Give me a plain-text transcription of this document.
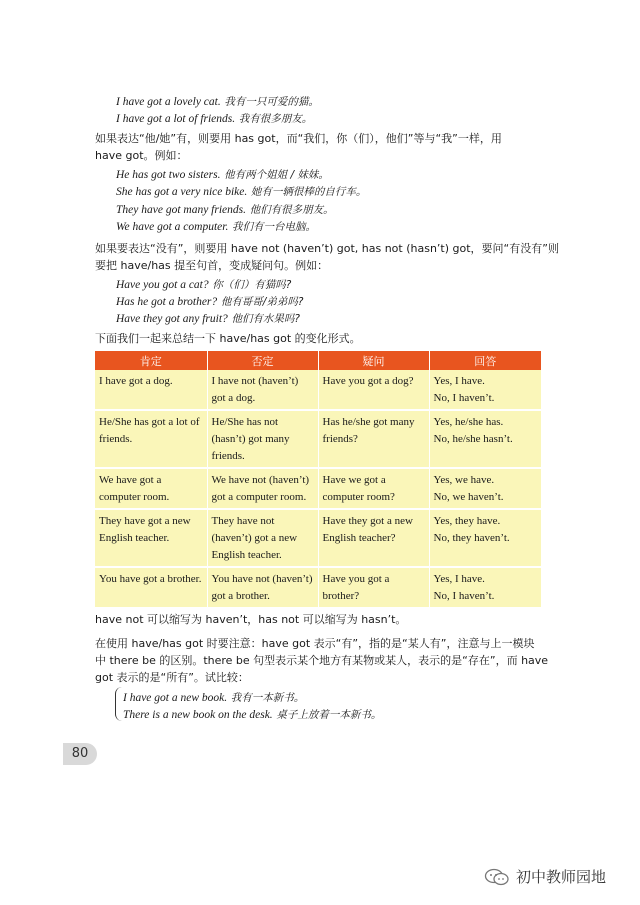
I have got a lovely cat. 我有一只可爱的猫。
I have got a lot of friends. 我有很多朋友。
如果表达“他/她”有，则要用 has got，而“我们，你（们），他们”等与“我”一样，用
have got。例如：
He has got two sisters. 他有两个姐姐 / 妹妹。
She has got a very nice bike. 她有一辆很棒的自行车。
They have got many friends. 他们有很多朋友。
We have got a computer. 我们有一台电脑。
如果要表达“没有”，则要用 have not (haven’t) got, has not (hasn’t) got，要问“有没有”则
要把 have/has 提至句首，变成疑问句。例如：
Have you got a cat? 你（们）有猫吗?
Has he got a brother? 他有哥哥/弟弟吗?
Have they got any fruit? 他们有水果吗?
下面我们一起来总结一下 have/has got 的变化形式。
肯定	否定	疑问	回答
I have got a dog.	I have not (haven’t) got a dog.	Have you got a dog?	Yes, I have.
No, I haven’t.
He/She has got a lot of friends.	He/She has not (hasn’t) got many friends.	Has he/she got many friends?	Yes, he/she has.
No, he/she hasn’t.
We have got a computer room.	We have not (haven’t) got a computer room.	Have we got a computer room?	Yes, we have.
No, we haven’t.
They have got a new English teacher.	They have not (haven’t) got a new English teacher.	Have they got a new English teacher?	Yes, they have.
No, they haven’t.
You have got a brother.	You have not (haven’t) got a brother.	Have you got a brother?	Yes, I have.
No, I haven’t.
have not 可以缩写为 haven’t，has not 可以缩写为 hasn’t。
在使用 have/has got 时要注意：have got 表示“有”，指的是“某人有”，注意与上一模块
中 there be 的区别。there be 句型表示某个地方有某物或某人，表示的是“存在”，而 have
got 表示的是“所有”。试比较：
I have got a new book. 我有一本新书。
There is a new book on the desk. 桌子上放着一本新书。
80
初中教师园地
